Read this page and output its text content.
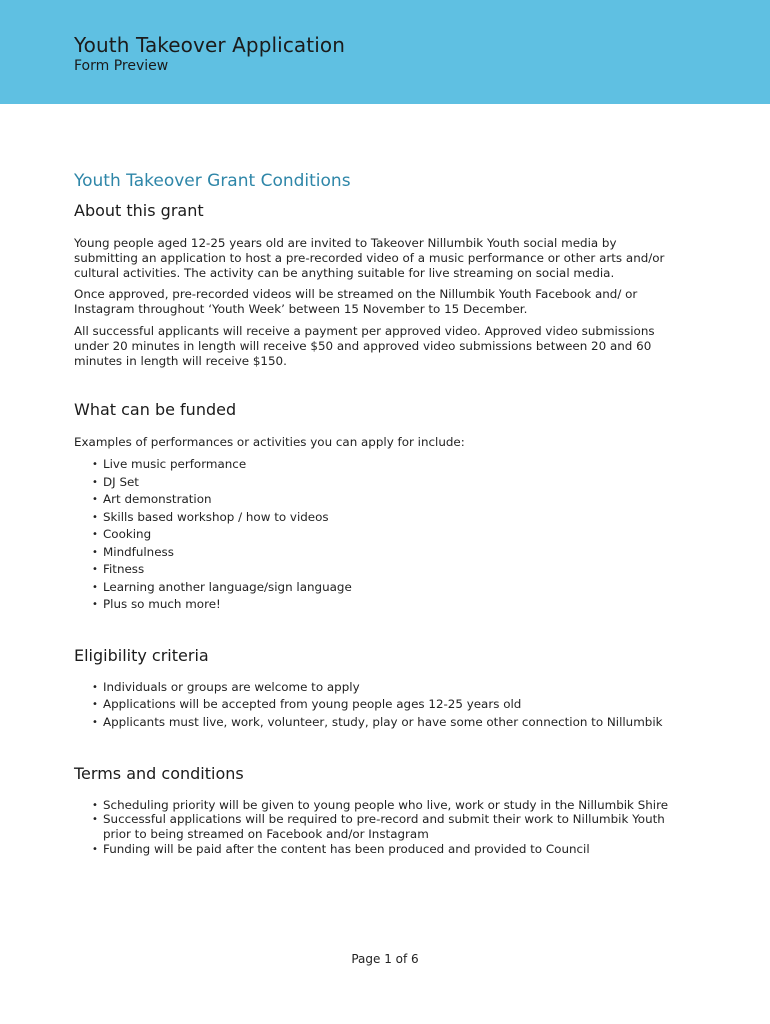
Youth Takeover Application
Form Preview
Youth Takeover Grant Conditions
About this grant

Young people aged 12-25 years old are invited to Takeover Nillumbik Youth social media by submitting an application to host a pre-recorded video of a music performance or other arts and/or cultural activities. The activity can be anything suitable for live streaming on social media.

Once approved, pre-recorded videos will be streamed on the Nillumbik Youth Facebook and/ or Instagram throughout ‘Youth Week’ between 15 November to 15 December.

All successful applicants will receive a payment per approved video. Approved video submissions under 20 minutes in length will receive $50 and approved video submissions between 20 and 60 minutes in length will receive $150.

What can be funded

Examples of performances or activities you can apply for include:

• Live music performance
• DJ Set
• Art demonstration
• Skills based workshop / how to videos
• Cooking
• Mindfulness
• Fitness
• Learning another language/sign language
• Plus so much more!
Eligibility criteria
• Individuals or groups are welcome to apply
• Applications will be accepted from young people ages 12-25 years old
• Applicants must live, work, volunteer, study, play or have some other connection to Nillumbik
Terms and conditions
• Scheduling priority will be given to young people who live, work or study in the Nillumbik Shire
• Successful applications will be required to pre-record and submit their work to Nillumbik Youth prior to being streamed on Facebook and/or Instagram
• Funding will be paid after the content has been produced and provided to Council
Page 1 of 6
